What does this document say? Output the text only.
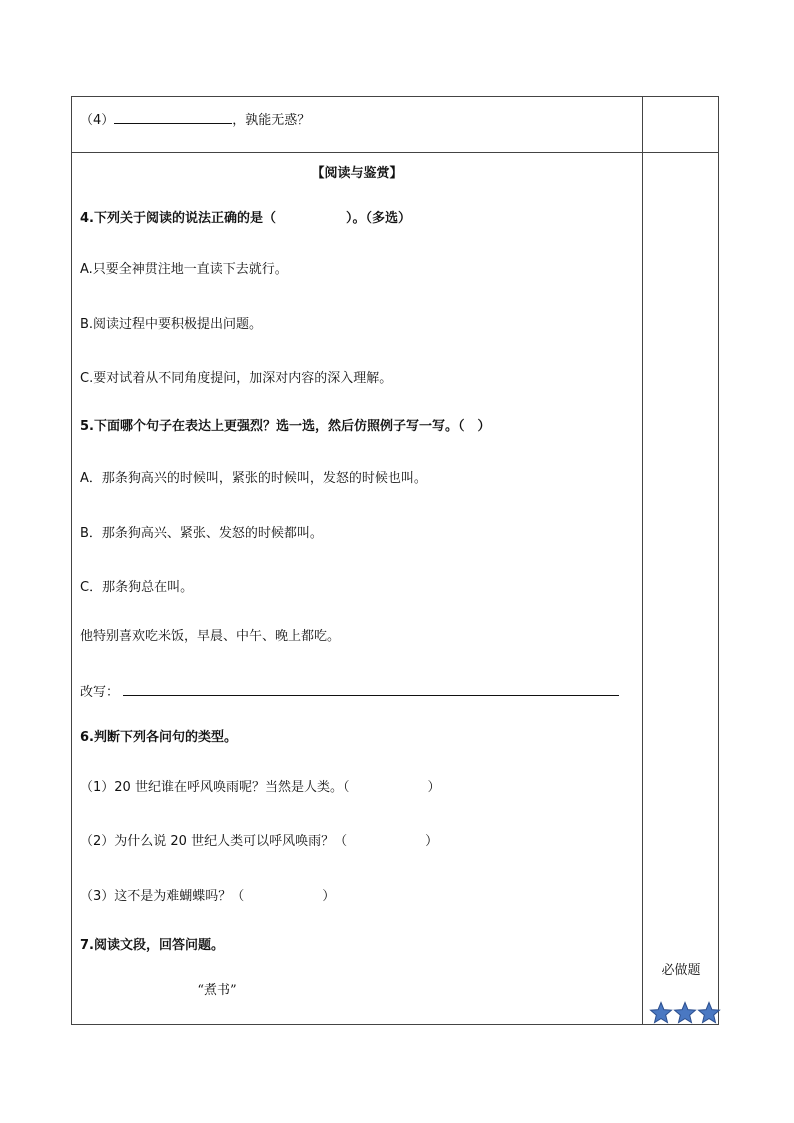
（4）	，孰能无惑？
【阅读与鉴赏】
4.下列关于阅读的说法正确的是（	）。（多选）
A.只要全神贯注地一直读下去就行。
B.阅读过程中要积极提出问题。
C.要对试着从不同角度提问，加深对内容的深入理解。
5.下面哪个句子在表达上更强烈？选一选，然后仿照例子写一写。（　）
A．那条狗高兴的时候叫，紧张的时候叫，发怒的时候也叫。
B．那条狗高兴、紧张、发怒的时候都叫。
C．那条狗总在叫。
他特别喜欢吃米饭，早晨、中午、晚上都吃。
改写：
6.判断下列各问句的类型。
（1）20 世纪谁在呼风唤雨呢？当然是人类。（	）
（2）为什么说 20 世纪人类可以呼风唤雨？（	）
（3）这不是为难蝴蝶吗？（	）
7.阅读文段，回答问题。
“煮书”
必做题
